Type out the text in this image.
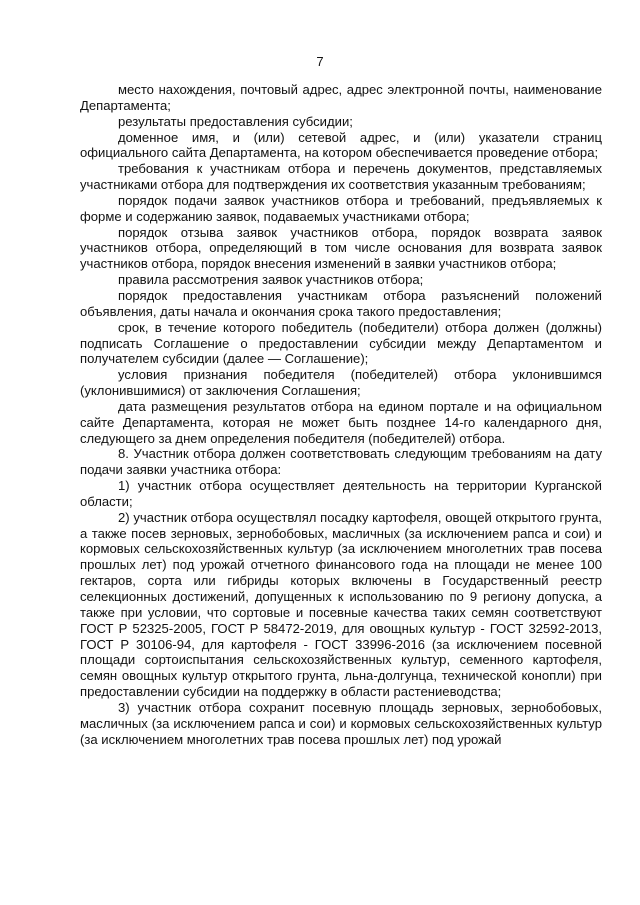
7

место нахождения, почтовый адрес, адрес электронной почты, наименование Департамента;

результаты предоставления субсидии;

доменное имя, и (или) сетевой адрес, и (или) указатели страниц официального сайта Департамента, на котором обеспечивается проведение отбора;

требования к участникам отбора и перечень документов, представляемых участниками отбора для подтверждения их соответствия указанным требованиям;

порядок подачи заявок участников отбора и требований, предъявляемых к форме и содержанию заявок, подаваемых участниками отбора;

порядок отзыва заявок участников отбора, порядок возврата заявок участников отбора, определяющий в том числе основания для возврата заявок участников отбора, порядок внесения изменений в заявки участников отбора;

правила рассмотрения заявок участников отбора;

порядок предоставления участникам отбора разъяснений положений объявления, даты начала и окончания срока такого предоставления;

срок, в течение которого победитель (победители) отбора должен (должны) подписать Соглашение о предоставлении субсидии между Департаментом и получателем субсидии (далее — Соглашение);

условия признания победителя (победителей) отбора уклонившимся (уклонившимися) от заключения Соглашения;

дата размещения результатов отбора на едином портале и на официальном сайте Департамента, которая не может быть позднее 14-го календарного дня, следующего за днем определения победителя (победителей) отбора.

8. Участник отбора должен соответствовать следующим требованиям на дату подачи заявки участника отбора:

1) участник отбора осуществляет деятельность на территории Курганской области;

2) участник отбора осуществлял посадку картофеля, овощей открытого грунта, а также посев зерновых, зернобобовых, масличных (за исключением рапса и сои) и кормовых сельскохозяйственных культур (за исключением многолетних трав посева прошлых лет) под урожай отчетного финансового года на площади не менее 100 гектаров, сорта или гибриды которых включены в Государственный реестр селекционных достижений, допущенных к использованию по 9 региону допуска, а также при условии, что сортовые и посевные качества таких семян соответствуют ГОСТ Р 52325-2005, ГОСТ Р 58472-2019, для овощных культур - ГОСТ 32592-2013, ГОСТ Р 30106-94, для картофеля - ГОСТ 33996-2016 (за исключением посевной площади сортоиспытания сельскохозяйственных культур, семенного картофеля, семян овощных культур открытого грунта, льна-долгунца, технической конопли) при предоставлении субсидии на поддержку в области растениеводства;

3) участник отбора сохранит посевную площадь зерновых, зернобобовых, масличных (за исключением рапса и сои) и кормовых сельскохозяйственных культур (за исключением многолетних трав посева прошлых лет) под урожай
